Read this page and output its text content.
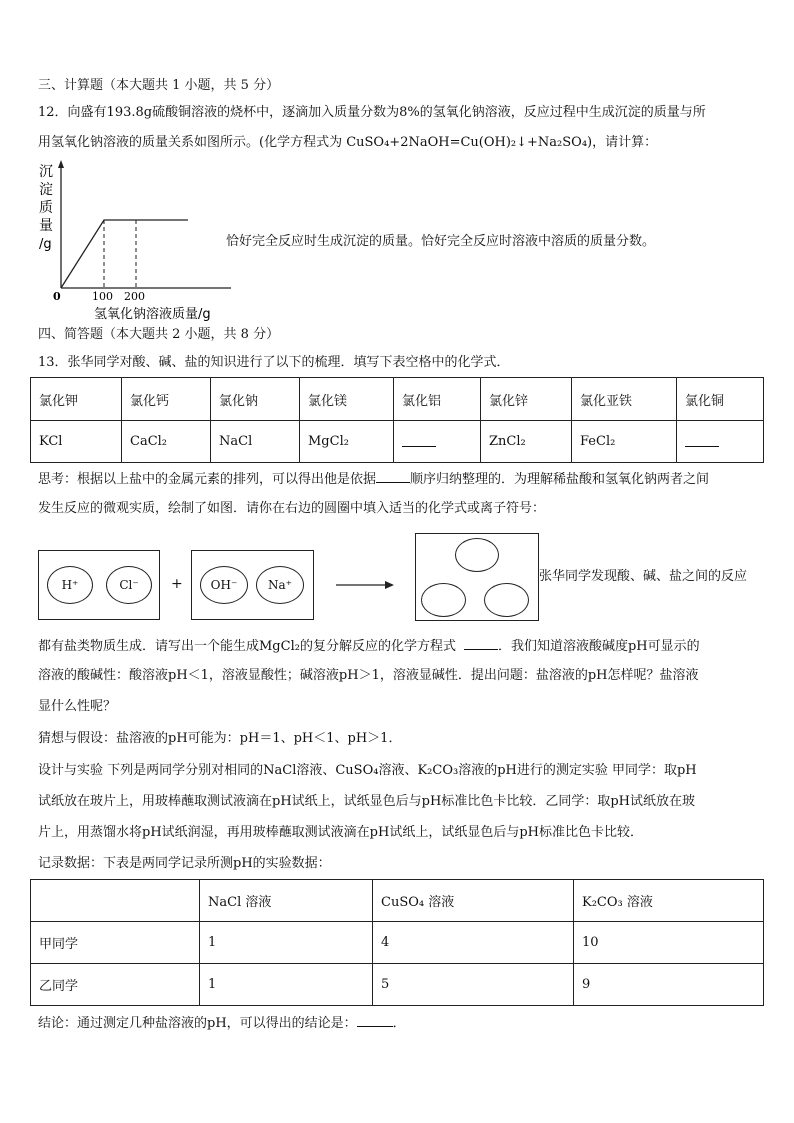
三、计算题（本大题共 1 小题，共 5 分）
12．向盛有193.8g硫酸铜溶液的烧杯中，逐滴加入质量分数为8%的氢氧化钠溶液，反应过程中生成沉淀的质量与所
用氢氧化钠溶液的质量关系如图所示。(化学方程式为 CuSO₄+2NaOH=Cu(OH)₂↓+Na₂SO₄)，请计算：
沉
淀
质
量
/g
0	100 200
氢氧化钠溶液质量/g
恰好完全反应时生成沉淀的质量。恰好完全反应时溶液中溶质的质量分数。
四、简答题（本大题共 2 小题，共 8 分）
13．张华同学对酸、碱、盐的知识进行了以下的梳理．填写下表空格中的化学式．
氯化钾	氯化钙	氯化钠	氯化镁	氯化铝	氯化锌	氯化亚铁	氯化铜
KCl	CaCl₂	NaCl	MgCl₂		ZnCl₂	FeCl₂	
思考：根据以上盐中的金属元素的排列，可以得出他是依据	顺序归纳整理的．为理解稀盐酸和氢氧化钠两者之间
发生反应的微观实质，绘制了如图．请你在右边的圆圈中填入适当的化学式或离子符号：
H⁺	Cl⁻	+	OH⁻	Na⁺
张华同学发现酸、碱、盐之间的反应
都有盐类物质生成．请写出一个能生成MgCl₂的复分解反应的化学方程式	．我们知道溶液酸碱度pH可显示的
溶液的酸碱性：酸溶液pH＜1，溶液显酸性；碱溶液pH＞1，溶液显碱性．提出问题：盐溶液的pH怎样呢？盐溶液
显什么性呢？
猜想与假设：盐溶液的pH可能为：pH＝1、pH＜1、pH＞1．
设计与实验 下列是两同学分别对相同的NaCl溶液、CuSO₄溶液、K₂CO₃溶液的pH进行的测定实验 甲同学：取pH
试纸放在玻片上，用玻棒蘸取测试液滴在pH试纸上，试纸显色后与pH标准比色卡比较．乙同学：取pH试纸放在玻
片上，用蒸馏水将pH试纸润湿，再用玻棒蘸取测试液滴在pH试纸上，试纸显色后与pH标准比色卡比较．
记录数据：下表是两同学记录所测pH的实验数据：
	NaCl 溶液	CuSO₄ 溶液	K₂CO₃ 溶液
甲同学	1	4	10
乙同学	1	5	9
结论：通过测定几种盐溶液的pH，可以得出的结论是：	．
